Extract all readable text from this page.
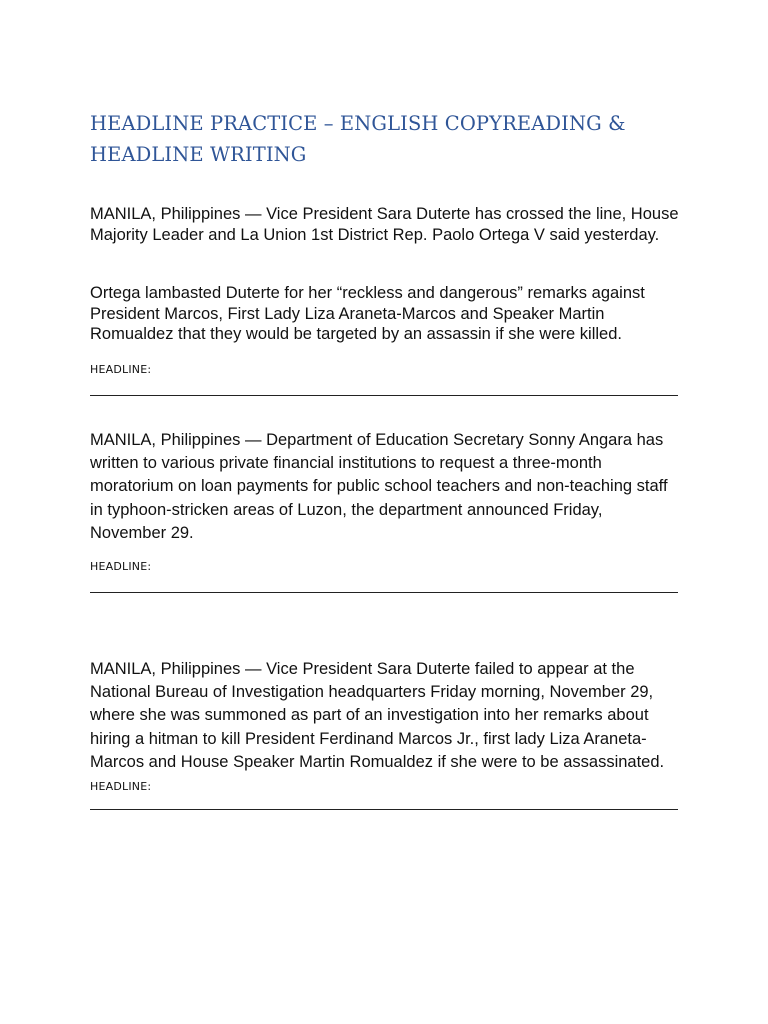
HEADLINE PRACTICE – ENGLISH COPYREADING & HEADLINE WRITING

MANILA, Philippines — Vice President Sara Duterte has crossed the line, House Majority Leader and La Union 1st District Rep. Paolo Ortega V said yesterday.

Ortega lambasted Duterte for her “reckless and dangerous” remarks against President Marcos, First Lady Liza Araneta-Marcos and Speaker Martin Romualdez that they would be targeted by an assassin if she were killed.

HEADLINE:

MANILA, Philippines — Department of Education Secretary Sonny Angara has written to various private financial institutions to request a three-month moratorium on loan payments for public school teachers and non-teaching staff in typhoon-stricken areas of Luzon, the department announced Friday, November 29.

HEADLINE:

MANILA, Philippines — Vice President Sara Duterte failed to appear at the National Bureau of Investigation headquarters Friday morning, November 29, where she was summoned as part of an investigation into her remarks about hiring a hitman to kill President Ferdinand Marcos Jr., first lady Liza Araneta-Marcos and House Speaker Martin Romualdez if she were to be assassinated. HEADLINE:
